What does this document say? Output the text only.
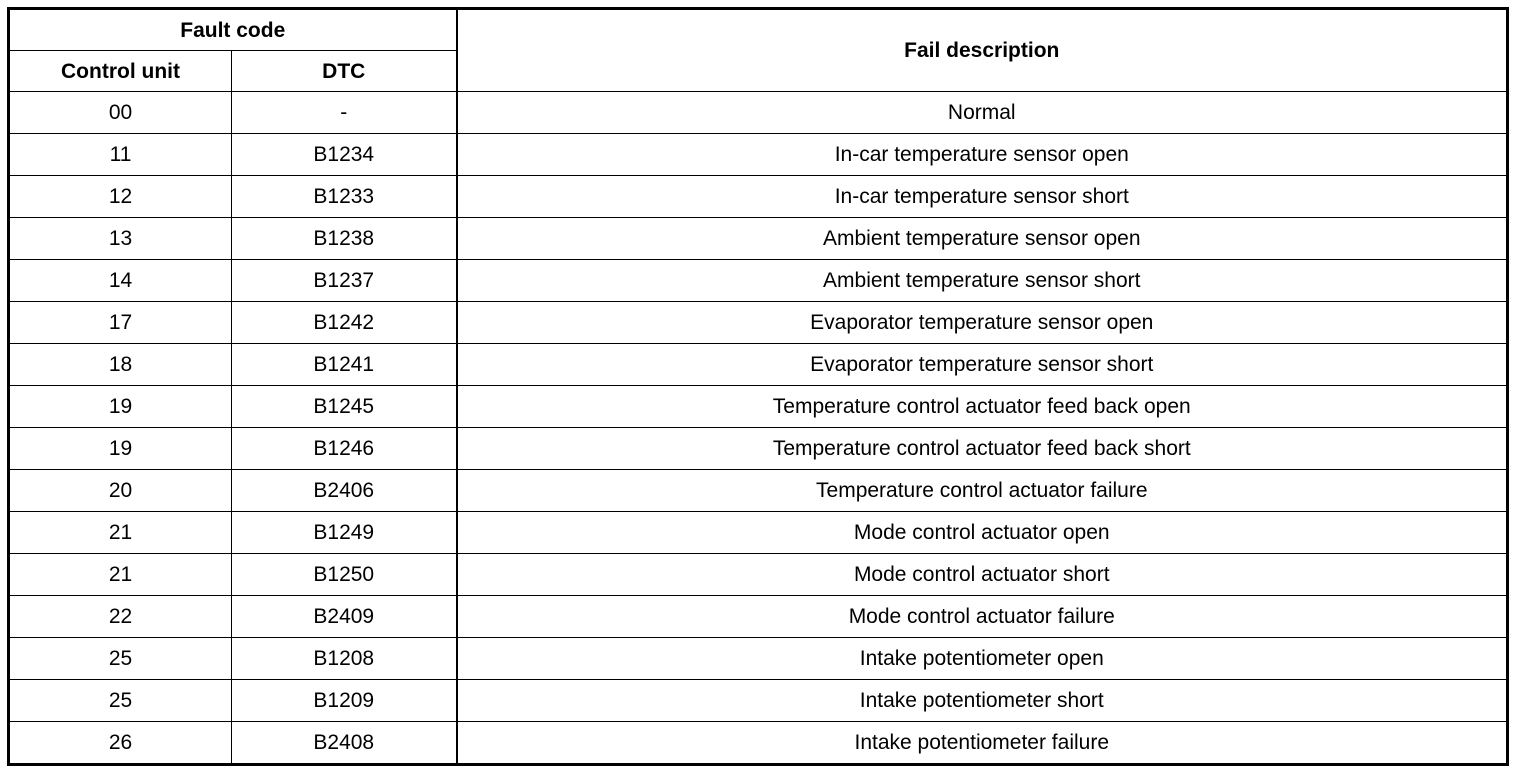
Fault code		Fail description
Control unit	DTC	
00	-	Normal
11	B1234	In-car temperature sensor open
12	B1233	In-car temperature sensor short
13	B1238	Ambient temperature sensor open
14	B1237	Ambient temperature sensor short
17	B1242	Evaporator temperature sensor open
18	B1241	Evaporator temperature sensor short
19	B1245	Temperature control actuator feed back open
19	B1246	Temperature control actuator feed back short
20	B2406	Temperature control actuator failure
21	B1249	Mode control actuator open
21	B1250	Mode control actuator short
22	B2409	Mode control actuator failure
25	B1208	Intake potentiometer open
25	B1209	Intake potentiometer short
26	B2408	Intake potentiometer failure
